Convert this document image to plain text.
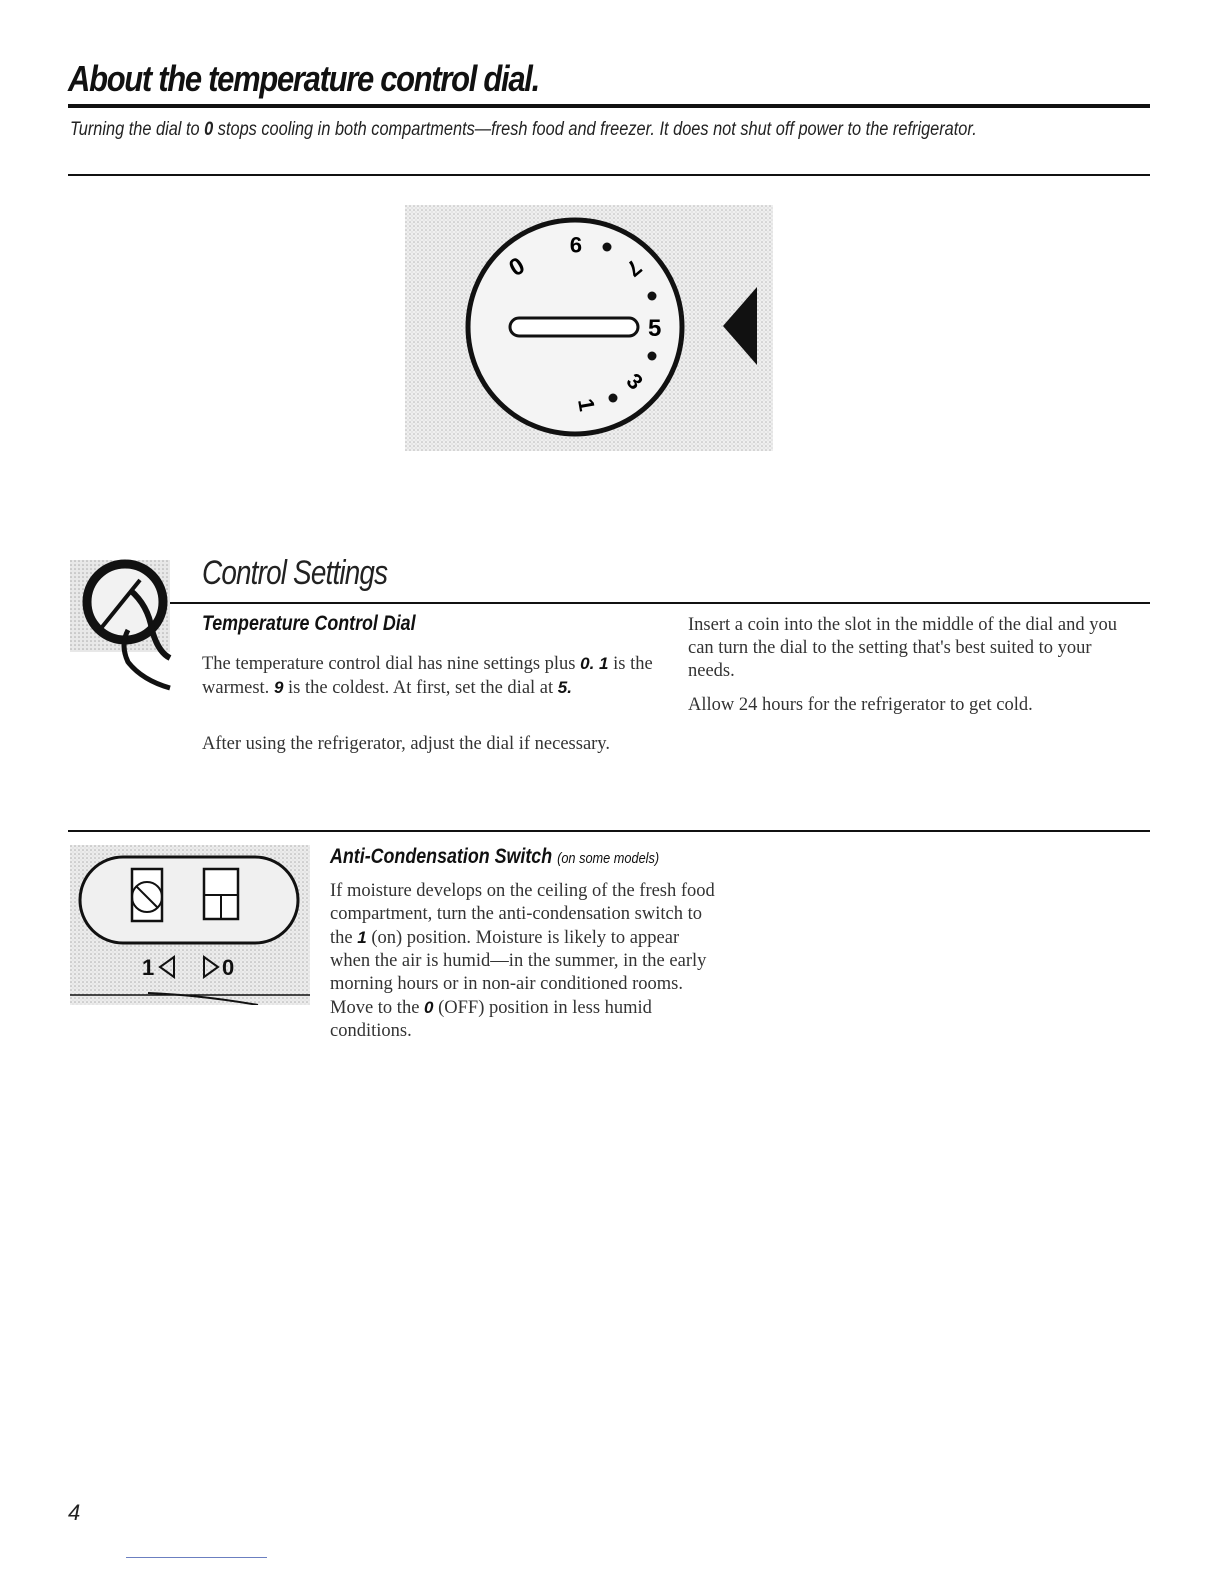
About the temperature control dial.
Turning the dial to 0 stops cooling in both compartments—fresh food and freezer. It does not shut off power to the refrigerator.
0
9
7
5
3
1
Control Settings
Temperature Control Dial
The temperature control dial has nine settings plus 0. 1 is the warmest. 9 is the coldest. At first, set the dial at 5.
After using the refrigerator, adjust the dial if necessary.
Insert a coin into the slot in the middle of the dial and you can turn the dial to the setting that's best suited to your needs.
Allow 24 hours for the refrigerator to get cold.
1	0
Anti-Condensation Switch (on some models)
If moisture develops on the ceiling of the fresh food compartment, turn the anti-condensation switch to the 1 (on) position. Moisture is likely to appear when the air is humid—in the summer, in the early morning hours or in non-air conditioned rooms. Move to the 0 (OFF) position in less humid conditions.
4
